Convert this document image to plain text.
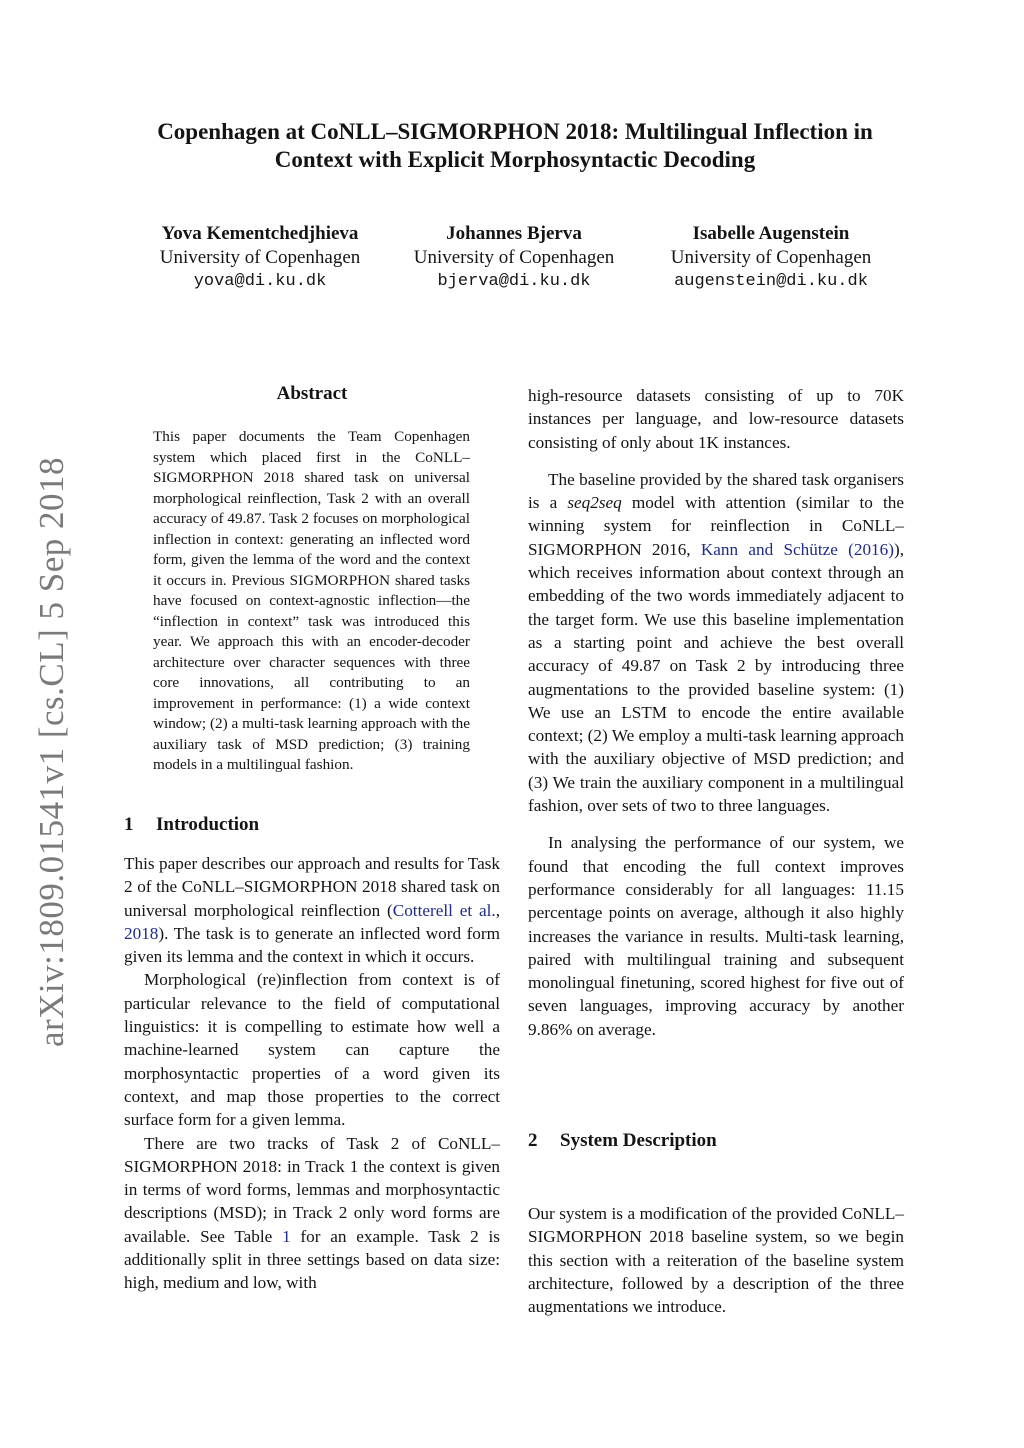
arXiv:1809.01541v1 [cs.CL] 5 Sep 2018
Copenhagen at CoNLL–SIGMORPHON 2018: Multilingual Inflection in
Context with Explicit Morphosyntactic Decoding
Yova Kementchedjhieva
University of Copenhagen
yova@di.ku.dk
Johannes Bjerva
University of Copenhagen
bjerva@di.ku.dk
Isabelle Augenstein
University of Copenhagen
augenstein@di.ku.dk
Abstract

This paper documents the Team Copenhagen system which placed first in the CoNLL–SIGMORPHON 2018 shared task on universal morphological reinflection, Task 2 with an overall accuracy of 49.87. Task 2 focuses on morphological inflection in context: generating an inflected word form, given the lemma of the word and the context it occurs in. Previous SIGMORPHON shared tasks have focused on context-agnostic inflection—the “inflection in context” task was introduced this year. We approach this with an encoder-decoder architecture over character sequences with three core innovations, all contributing to an improvement in performance: (1) a wide context window; (2) a multi-task learning approach with the auxiliary task of MSD prediction; (3) training models in a multilingual fashion.

1 Introduction

This paper describes our approach and results for Task 2 of the CoNLL–SIGMORPHON 2018 shared task on universal morphological reinflection (Cotterell et al., 2018). The task is to generate an inflected word form given its lemma and the context in which it occurs.

Morphological (re)inflection from context is of particular relevance to the field of computational linguistics: it is compelling to estimate how well a machine-learned system can capture the morphosyntactic properties of a word given its context, and map those properties to the correct surface form for a given lemma.

There are two tracks of Task 2 of CoNLL–SIGMORPHON 2018: in Track 1 the context is given in terms of word forms, lemmas and morphosyntactic descriptions (MSD); in Track 2 only word forms are available. See Table 1 for an example. Task 2 is additionally split in three settings based on data size: high, medium and low, with

high-resource datasets consisting of up to 70K instances per language, and low-resource datasets consisting of only about 1K instances.

The baseline provided by the shared task organisers is a seq2seq model with attention (similar to the winning system for reinflection in CoNLL–SIGMORPHON 2016, Kann and Schütze (2016)), which receives information about context through an embedding of the two words immediately adjacent to the target form. We use this baseline implementation as a starting point and achieve the best overall accuracy of 49.87 on Task 2 by introducing three augmentations to the provided baseline system: (1) We use an LSTM to encode the entire available context; (2) We employ a multi-task learning approach with the auxiliary objective of MSD prediction; and (3) We train the auxiliary component in a multilingual fashion, over sets of two to three languages.

In analysing the performance of our system, we found that encoding the full context improves performance considerably for all languages: 11.15 percentage points on average, although it also highly increases the variance in results. Multi-task learning, paired with multilingual training and subsequent monolingual finetuning, scored highest for five out of seven languages, improving accuracy by another 9.86% on average.

2 System Description

Our system is a modification of the provided CoNLL–SIGMORPHON 2018 baseline system, so we begin this section with a reiteration of the baseline system architecture, followed by a description of the three augmentations we introduce.
